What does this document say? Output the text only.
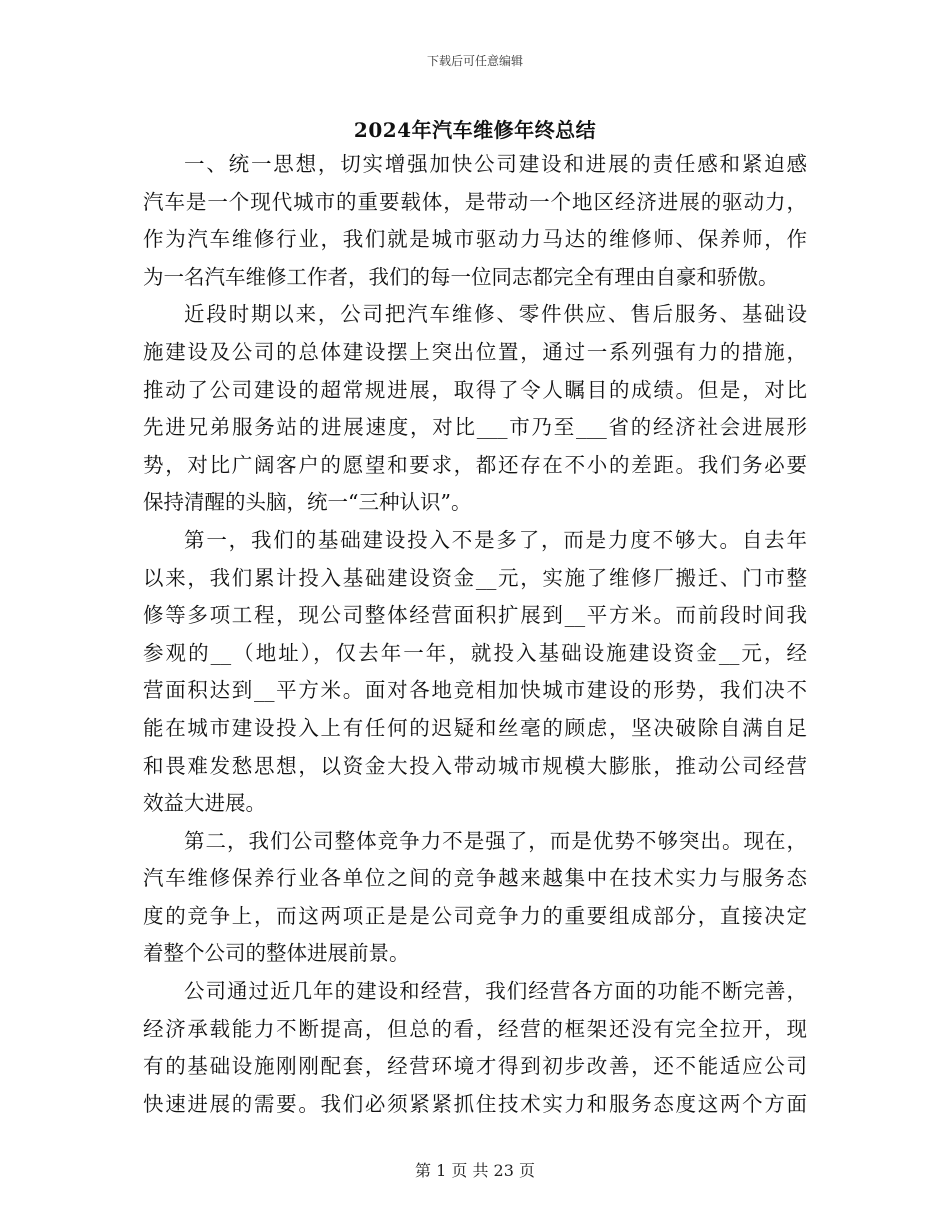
下载后可任意编辑
2024年汽车维修年终总结
一、统一思想，切实增强加快公司建设和进展的责任感和紧迫感
汽车是一个现代城市的重要载体，是带动一个地区经济进展的驱动力，
作为汽车维修行业，我们就是城市驱动力马达的维修师、保养师，作
为一名汽车维修工作者，我们的每一位同志都完全有理由自豪和骄傲。
近段时期以来，公司把汽车维修、零件供应、售后服务、基础设
施建设及公司的总体建设摆上突出位置，通过一系列强有力的措施，
推动了公司建设的超常规进展，取得了令人瞩目的成绩。但是，对比
先进兄弟服务站的进展速度，对比___市乃至___省的经济社会进展形
势，对比广阔客户的愿望和要求，都还存在不小的差距。我们务必要
保持清醒的头脑，统一“三种认识”。
第一，我们的基础建设投入不是多了，而是力度不够大。自去年
以来，我们累计投入基础建设资金__元，实施了维修厂搬迁、门市整
修等多项工程，现公司整体经营面积扩展到__平方米。而前段时间我
参观的__（地址），仅去年一年，就投入基础设施建设资金__元，经
营面积达到__平方米。面对各地竞相加快城市建设的形势，我们决不
能在城市建设投入上有任何的迟疑和丝毫的顾虑，坚决破除自满自足
和畏难发愁思想，以资金大投入带动城市规模大膨胀，推动公司经营
效益大进展。
第二，我们公司整体竞争力不是强了，而是优势不够突出。现在，
汽车维修保养行业各单位之间的竞争越来越集中在技术实力与服务态
度的竞争上，而这两项正是是公司竞争力的重要组成部分，直接决定
着整个公司的整体进展前景。
公司通过近几年的建设和经营，我们经营各方面的功能不断完善，
经济承载能力不断提高，但总的看，经营的框架还没有完全拉开，现
有的基础设施刚刚配套，经营环境才得到初步改善，还不能适应公司
快速进展的需要。我们必须紧紧抓住技术实力和服务态度这两个方面
第 1 页 共 23 页
